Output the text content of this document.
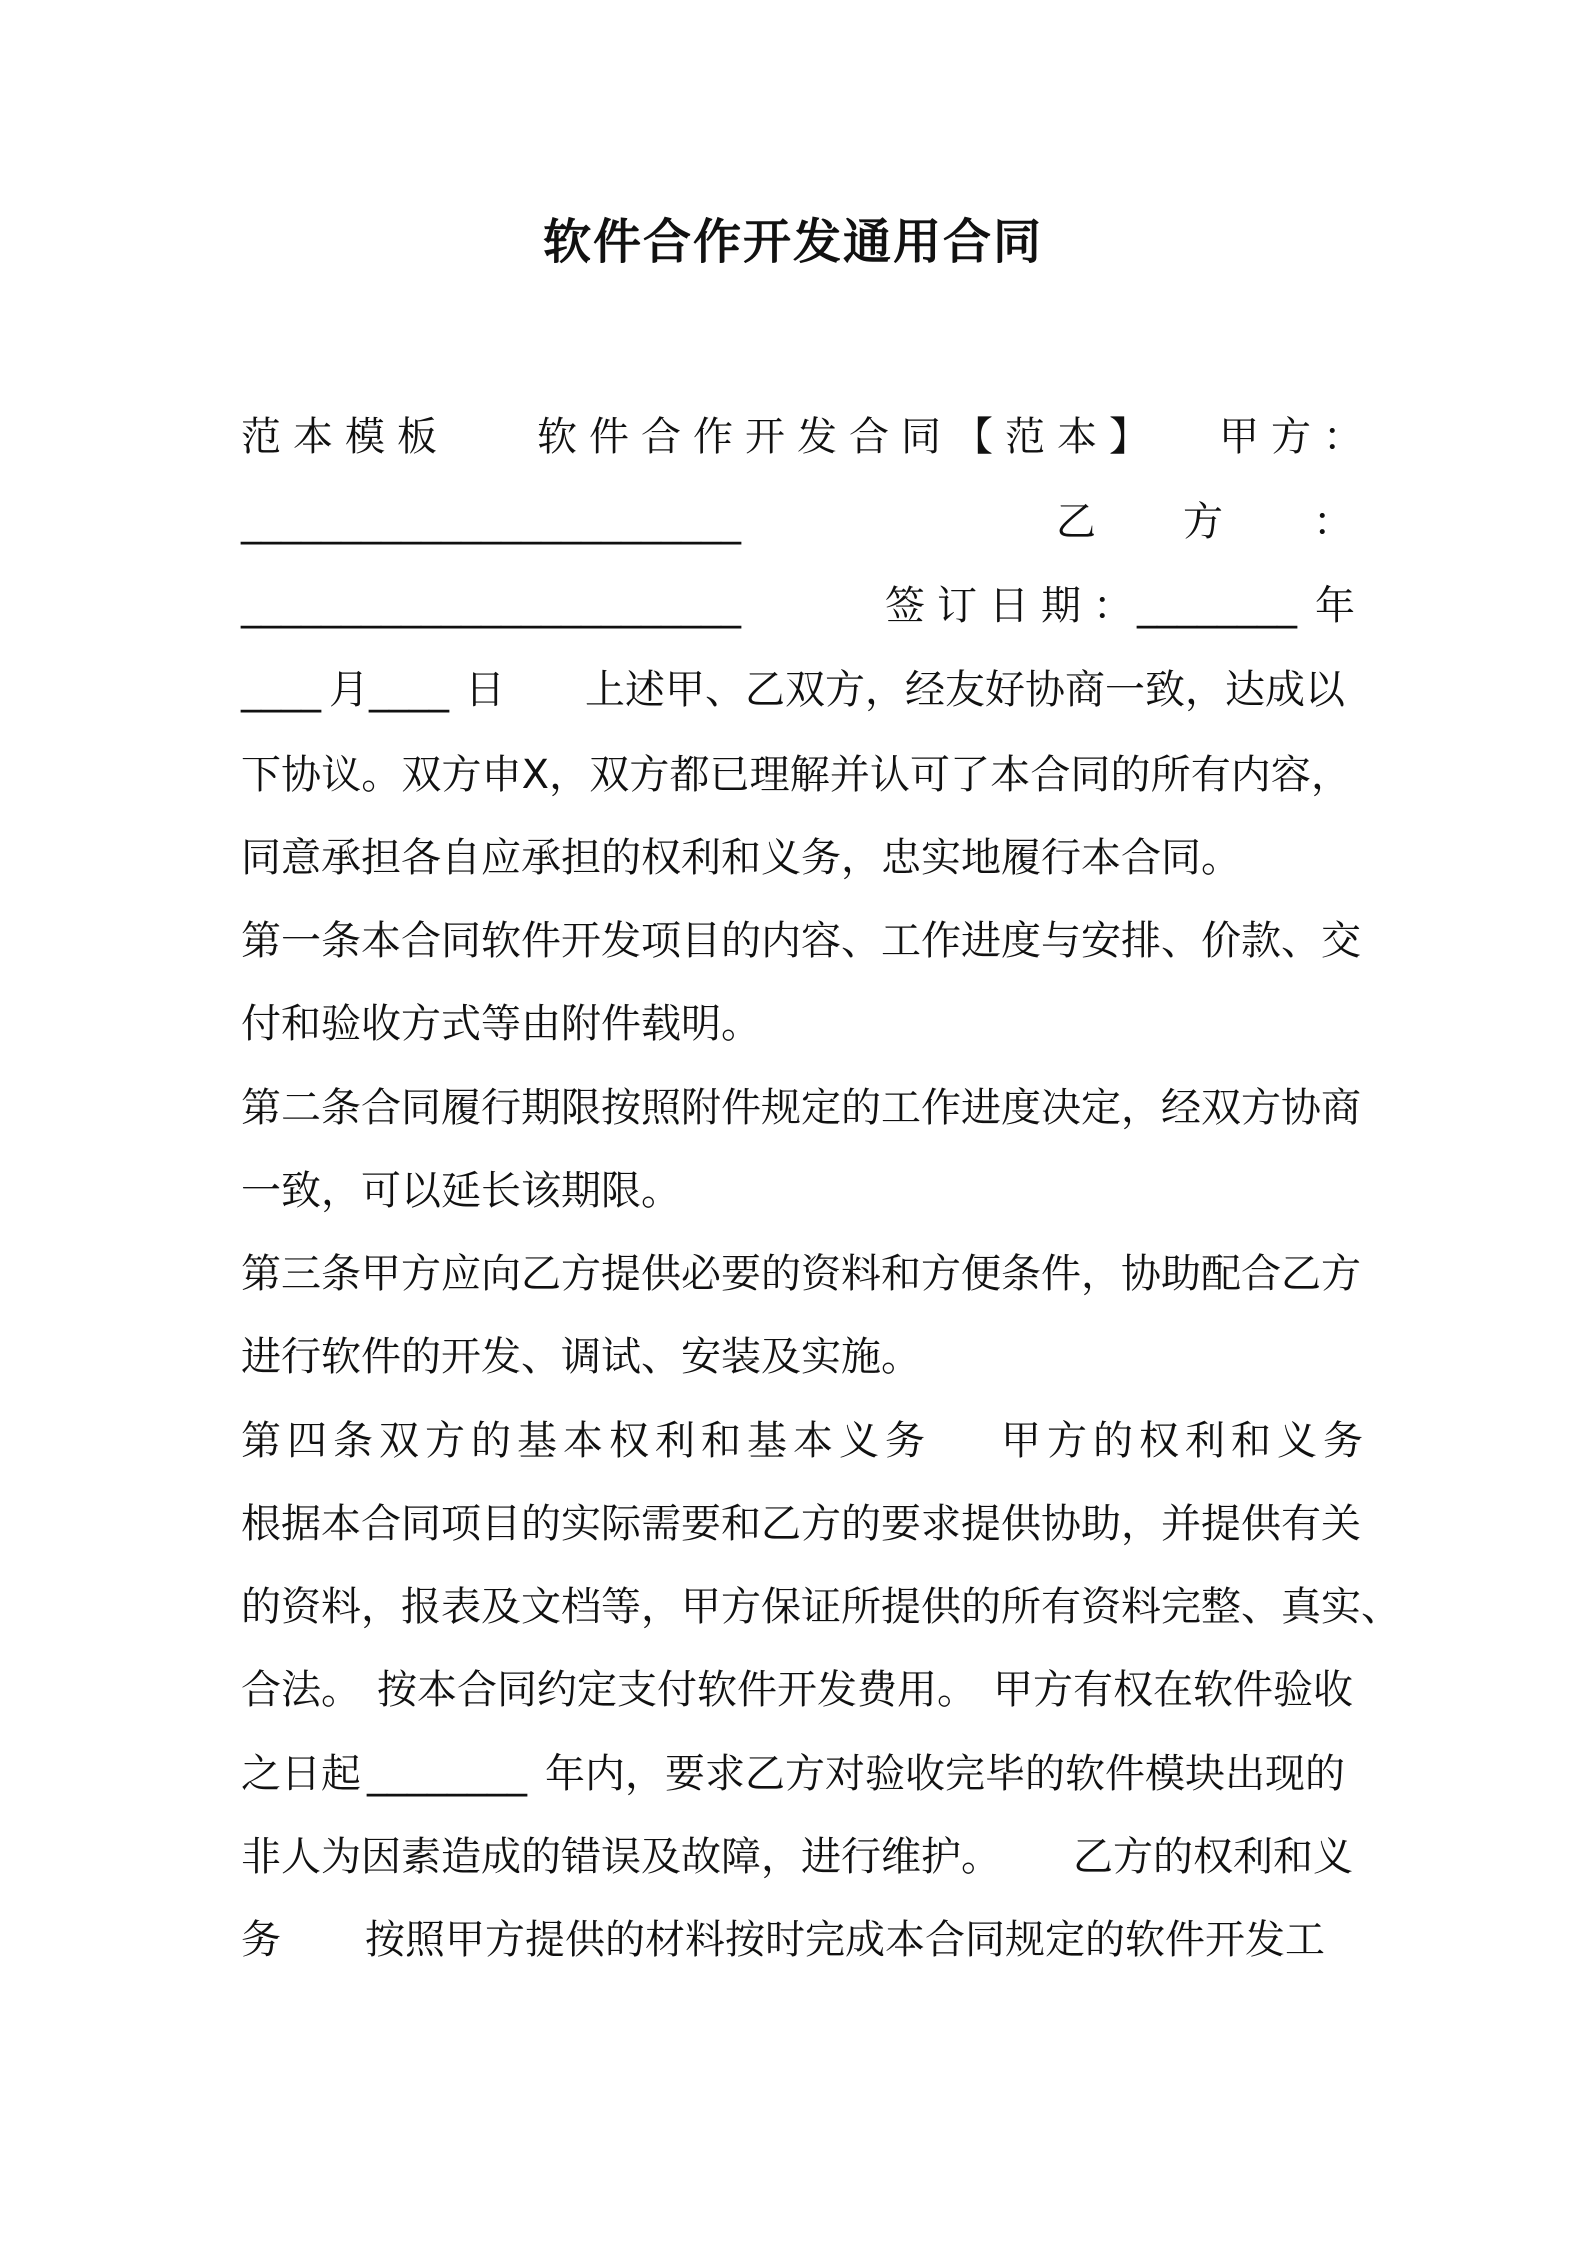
软件合作开发通用合同
范本模板 软件合作开发合同【范本】 甲方：
_________________________	乙 方 ：
_________________________	签订日期：
________ 年
____ 月 ____ 日 上述甲、乙双方，经友好协商一致，达成以
下协议。双方申X，双方都已理解并认可了本合同的所有内容，
同意承担各自应承担的权利和义务，忠实地履行本合同。
第一条本合同软件开发项目的内容、工作进度与安排、价款、交
付和验收方式等由附件载明。
第二条合同履行期限按照附件规定的工作进度决定，经双方协商
一致，可以延长该期限。
第三条甲方应向乙方提供必要的资料和方便条件，协助配合乙方
进行软件的开发、调试、安装及实施。
第四条双方的基本权利和基本义务 甲方的权利和义务
根据本合同项目的实际需要和乙方的要求提供协助，并提供有关
的资料，报表及文档等，甲方保证所提供的所有资料完整、真实、
合法。 按本合同约定支付软件开发费用。 甲方有权在软件验收
之日起 ________ 年内，要求乙方对验收完毕的软件模块出现的
非人为因素造成的错误及故障，进行维护。 乙方的权利和义
务 按照甲方提供的材料按时完成本合同规定的软件开发工
